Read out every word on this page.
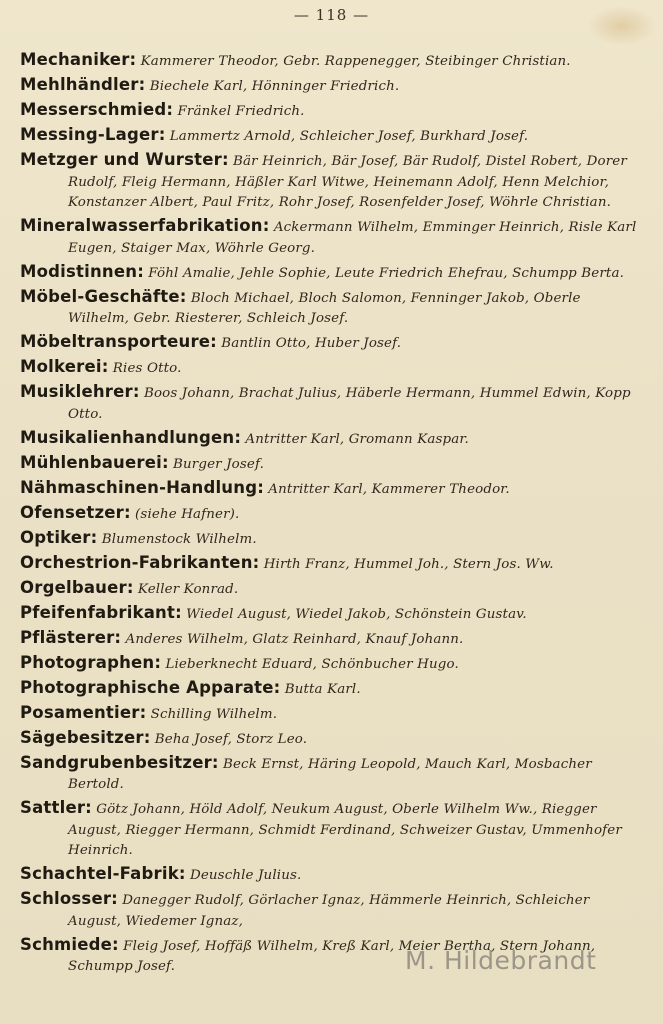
— 118 —
Mechaniker: Kammerer Theodor, Gebr. Rappenegger, Steibinger Christian.
Mehlhändler: Biechele Karl, Hönninger Friedrich.
Messerschmied: Fränkel Friedrich.
Messing-Lager: Lammertz Arnold, Schleicher Josef, Burkhard Josef.
Metzger und Wurster: Bär Heinrich, Bär Josef, Bär Rudolf, Distel Robert, Dorer Rudolf, Fleig Hermann, Häßler Karl Witwe, Heinemann Adolf, Henn Melchior, Konstanzer Albert, Paul Fritz, Rohr Josef, Rosenfelder Josef, Wöhrle Christian.
Mineralwasserfabrikation: Ackermann Wilhelm, Emminger Heinrich, Risle Karl Eugen, Staiger Max, Wöhrle Georg.
Modistinnen: Föhl Amalie, Jehle Sophie, Leute Friedrich Ehefrau, Schumpp Berta.
Möbel-Geschäfte: Bloch Michael, Bloch Salomon, Fenninger Jakob, Oberle Wilhelm, Gebr. Riesterer, Schleich Josef.
Möbeltransporteure: Bantlin Otto, Huber Josef.
Molkerei: Ries Otto.
Musiklehrer: Boos Johann, Brachat Julius, Häberle Hermann, Hummel Edwin, Kopp Otto.
Musikalienhandlungen: Antritter Karl, Gromann Kaspar.
Mühlenbauerei: Burger Josef.
Nähmaschinen-Handlung: Antritter Karl, Kammerer Theodor.
Ofensetzer: (siehe Hafner).
Optiker: Blumenstock Wilhelm.
Orchestrion-Fabrikanten: Hirth Franz, Hummel Joh., Stern Jos. Ww.
Orgelbauer: Keller Konrad.
Pfeifenfabrikant: Wiedel August, Wiedel Jakob, Schönstein Gustav.
Pflästerer: Anderes Wilhelm, Glatz Reinhard, Knauf Johann.
Photographen: Lieberknecht Eduard, Schönbucher Hugo.
Photographische Apparate: Butta Karl.
Posamentier: Schilling Wilhelm.
Sägebesitzer: Beha Josef, Storz Leo.
Sandgrubenbesitzer: Beck Ernst, Häring Leopold, Mauch Karl, Mosbacher Bertold.
Sattler: Götz Johann, Höld Adolf, Neukum August, Oberle Wilhelm Ww., Riegger August, Riegger Hermann, Schmidt Ferdinand, Schweizer Gustav, Ummenhofer Heinrich.
Schachtel-Fabrik: Deuschle Julius.
Schlosser: Danegger Rudolf, Görlacher Ignaz, Hämmerle Heinrich, Schleicher August, Wiedemer Ignaz,
Schmiede: Fleig Josef, Hoffäß Wilhelm, Kreß Karl, Meier Bertha, Stern Johann, Schumpp Josef.	M. Hildebrandt
